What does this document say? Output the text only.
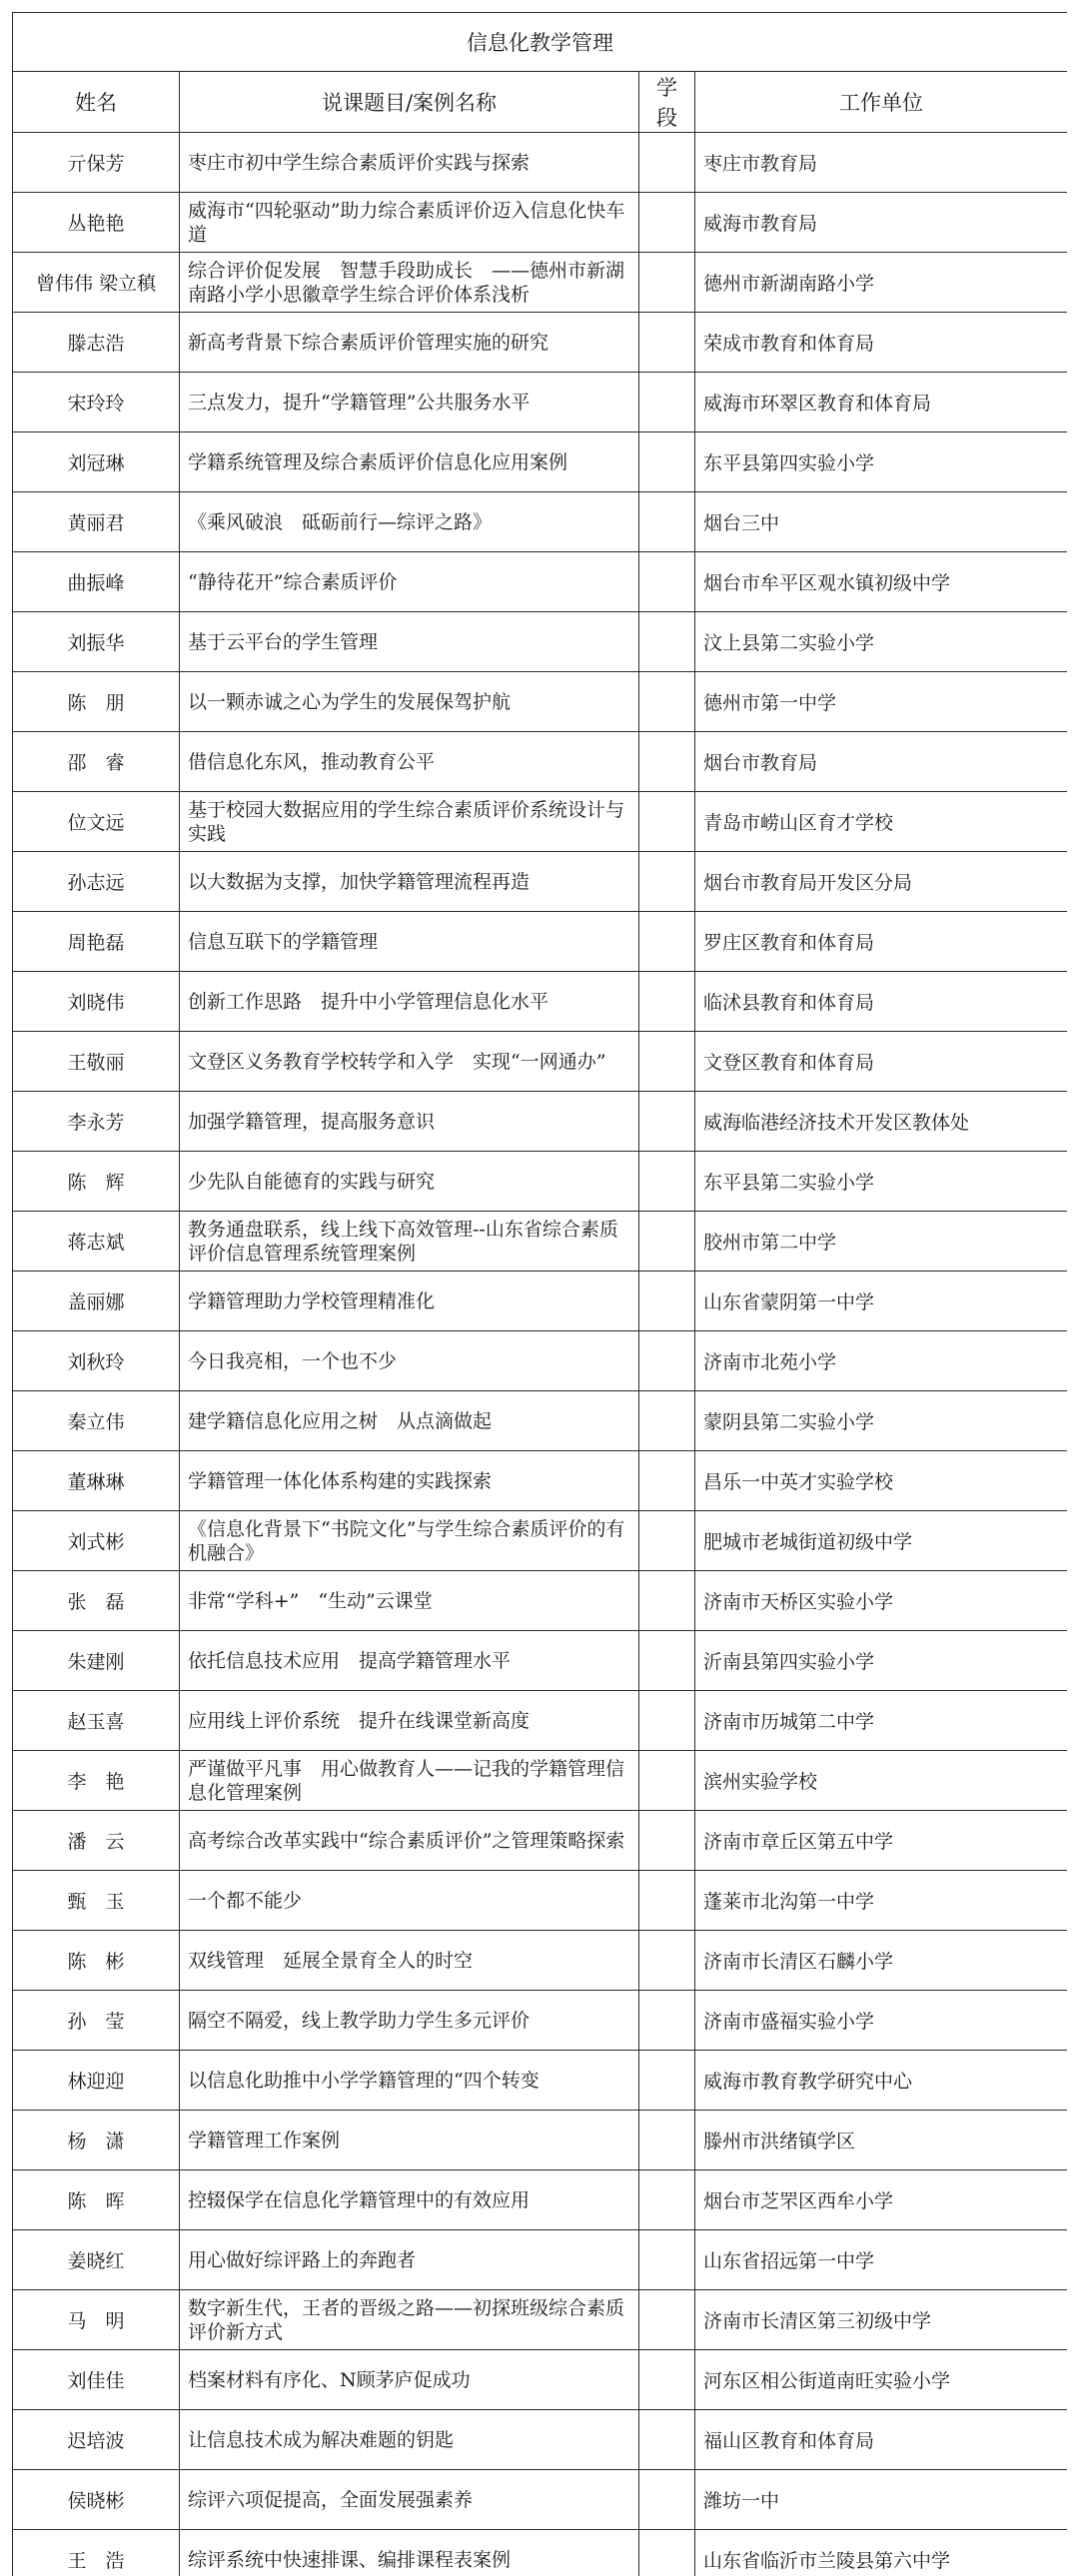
信息化教学管理			
姓名	说课题目/案例名称	学段	工作单位
亓保芳	枣庄市初中学生综合素质评价实践与探索		枣庄市教育局
丛艳艳	威海市“四轮驱动”助力综合素质评价迈入信息化快车道		威海市教育局
曾伟伟 梁立稹	综合评价促发展　智慧手段助成长　——德州市新湖南路小学小思徽章学生综合评价体系浅析		德州市新湖南路小学
滕志浩	新高考背景下综合素质评价管理实施的研究		荣成市教育和体育局
宋玲玲	三点发力，提升“学籍管理”公共服务水平		威海市环翠区教育和体育局
刘冠琳	学籍系统管理及综合素质评价信息化应用案例		东平县第四实验小学
黄丽君	《乘风破浪　砥砺前行—综评之路》		烟台三中
曲振峰	“静待花开”综合素质评价		烟台市牟平区观水镇初级中学
刘振华	基于云平台的学生管理		汶上县第二实验小学
陈　朋	以一颗赤诚之心为学生的发展保驾护航		德州市第一中学
邵　睿	借信息化东风，推动教育公平		烟台市教育局
位文远	基于校园大数据应用的学生综合素质评价系统设计与实践		青岛市崂山区育才学校
孙志远	以大数据为支撑，加快学籍管理流程再造		烟台市教育局开发区分局
周艳磊	信息互联下的学籍管理		罗庄区教育和体育局
刘晓伟	创新工作思路　提升中小学管理信息化水平		临沭县教育和体育局
王敬丽	文登区义务教育学校转学和入学　实现“一网通办”		文登区教育和体育局
李永芳	加强学籍管理，提高服务意识		威海临港经济技术开发区教体处
陈　辉	少先队自能德育的实践与研究		东平县第二实验小学
蒋志斌	教务通盘联系，线上线下高效管理--山东省综合素质评价信息管理系统管理案例		胶州市第二中学
盖丽娜	学籍管理助力学校管理精准化		山东省蒙阴第一中学
刘秋玲	今日我亮相，一个也不少		济南市北苑小学
秦立伟	建学籍信息化应用之树　从点滴做起		蒙阴县第二实验小学
董琳琳	学籍管理一体化体系构建的实践探索		昌乐一中英才实验学校
刘式彬	《信息化背景下“书院文化”与学生综合素质评价的有机融合》		肥城市老城街道初级中学
张　磊	非常“学科+”　“生动”云课堂		济南市天桥区实验小学
朱建刚	依托信息技术应用　提高学籍管理水平		沂南县第四实验小学
赵玉喜	应用线上评价系统　提升在线课堂新高度		济南市历城第二中学
李　艳	严谨做平凡事　用心做教育人——记我的学籍管理信息化管理案例		滨州实验学校
潘　云	高考综合改革实践中“综合素质评价”之管理策略探索		济南市章丘区第五中学
甄　玉	一个都不能少		蓬莱市北沟第一中学
陈　彬	双线管理　延展全景育全人的时空		济南市长清区石麟小学
孙　莹	隔空不隔爱，线上教学助力学生多元评价		济南市盛福实验小学
林迎迎	以信息化助推中小学学籍管理的“四个转变		威海市教育教学研究中心
杨　潇	学籍管理工作案例		滕州市洪绪镇学区
陈　晖	控辍保学在信息化学籍管理中的有效应用		烟台市芝罘区西牟小学
姜晓红	用心做好综评路上的奔跑者		山东省招远第一中学
马　明	数字新生代，王者的晋级之路——初探班级综合素质评价新方式		济南市长清区第三初级中学
刘佳佳	档案材料有序化、N顾茅庐促成功		河东区相公街道南旺实验小学
迟培波	让信息技术成为解决难题的钥匙		福山区教育和体育局
侯晓彬	综评六项促提高，全面发展强素养		潍坊一中
王　浩	综评系统中快速排课、编排课程表案例		山东省临沂市兰陵县第六中学
